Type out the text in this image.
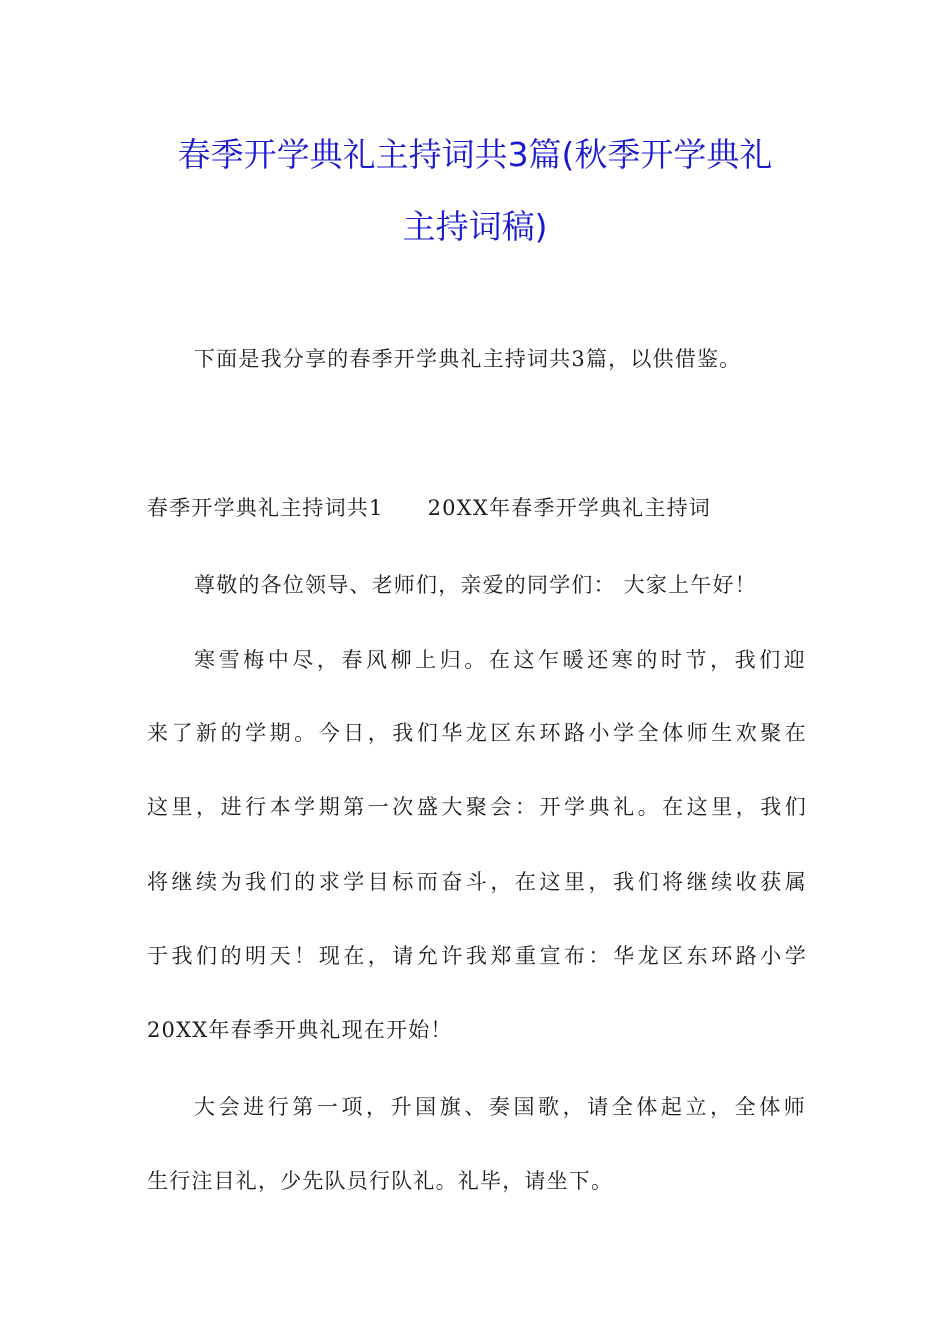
春季开学典礼主持词共3篇(秋季开学典礼
主持词稿)
下面是我分享的春季开学典礼主持词共3篇，以供借鉴。
春季开学典礼主持词共1 20XX年春季开学典礼主持词
尊敬的各位领导、老师们，亲爱的同学们： 大家上午好！
寒雪梅中尽，春风柳上归。在这乍暖还寒的时节，我们迎
来了新的学期。今日，我们华龙区东环路小学全体师生欢聚在
这里，进行本学期第一次盛大聚会：开学典礼。在这里，我们
将继续为我们的求学目标而奋斗，在这里，我们将继续收获属
于我们的明天！现在，请允许我郑重宣布：华龙区东环路小学
20XX年春季开典礼现在开始！
大会进行第一项，升国旗、奏国歌，请全体起立，全体师
生行注目礼，少先队员行队礼。礼毕，请坐下。
